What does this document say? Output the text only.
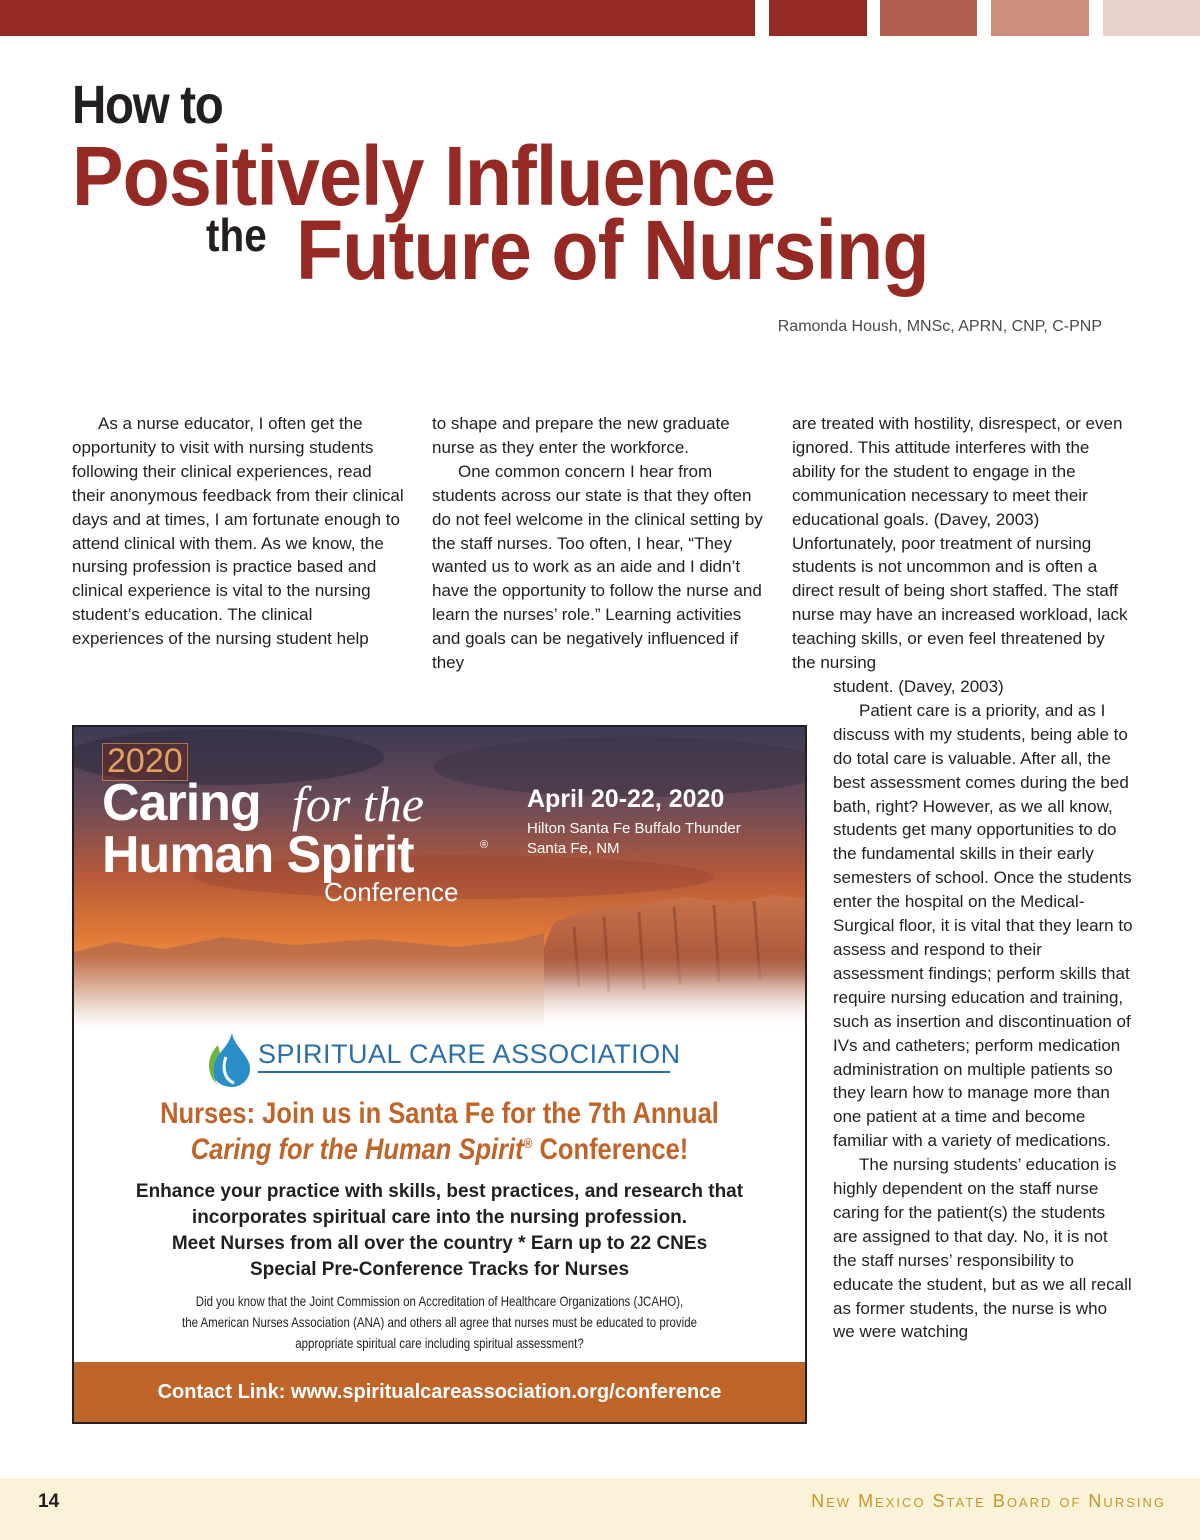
How to
Positively Influence
the Future of Nursing
Ramonda Housh, MNSc, APRN, CNP, C-PNP

As a nurse educator, I often get the opportunity to visit with nursing students following their clinical experiences, read their anonymous feedback from their clinical days and at times, I am fortunate enough to attend clinical with them. As we know, the nursing profession is practice based and clinical experience is vital to the nursing student’s education. The clinical experiences of the nursing student help

to shape and prepare the new graduate nurse as they enter the workforce.

One common concern I hear from students across our state is that they often do not feel welcome in the clinical setting by the staff nurses. Too often, I hear, “They wanted us to work as an aide and I didn’t have the opportunity to follow the nurse and learn the nurses’ role.” Learning activities and goals can be negatively influenced if they

are treated with hostility, disrespect, or even ignored. This attitude interferes with the ability for the student to engage in the communication necessary to meet their educational goals. (Davey, 2003) Unfortunately, poor treatment of nursing students is not uncommon and is often a direct result of being short staffed. The staff nurse may have an increased workload, lack teaching skills, or even feel threatened by the nursing

student. (Davey, 2003)

Patient care is a priority, and as I discuss with my students, being able to do total care is valuable. After all, the best assessment comes during the bed bath, right? However, as we all know, students get many opportunities to do the fundamental skills in their early semesters of school. Once the students enter the hospital on the Medical-Surgical floor, it is vital that they learn to assess and respond to their assessment findings; perform skills that require nursing education and training, such as insertion and discontinuation of IVs and catheters; perform medication administration on multiple patients so they learn how to manage more than one patient at a time and become familiar with a variety of medications.

The nursing students’ education is highly dependent on the staff nurse caring for the patient(s) the students are assigned to that day. No, it is not the staff nurses’ responsibility to educate the student, but as we all recall as former students, the nurse is who we were watching

2020
Caring for the
Human Spirit	®
Conference
April 20-22, 2020
Hilton Santa Fe Buffalo Thunder
Santa Fe, NM
SPIRITUAL CARE ASSOCIATION
Nurses: Join us in Santa Fe for the 7th Annual
Caring for the Human Spirit® Conference!
Enhance your practice with skills, best practices, and research that
incorporates spiritual care into the nursing profession.
Meet Nurses from all over the country * Earn up to 22 CNEs
Special Pre-Conference Tracks for Nurses
Did you know that the Joint Commission on Accreditation of Healthcare Organizations (JCAHO),
the American Nurses Association (ANA) and others all agree that nurses must be educated to provide
appropriate spiritual care including spiritual assessment?
Contact Link: www.spiritualcareassociation.org/conference
14	New Mexico State Board of Nursing
